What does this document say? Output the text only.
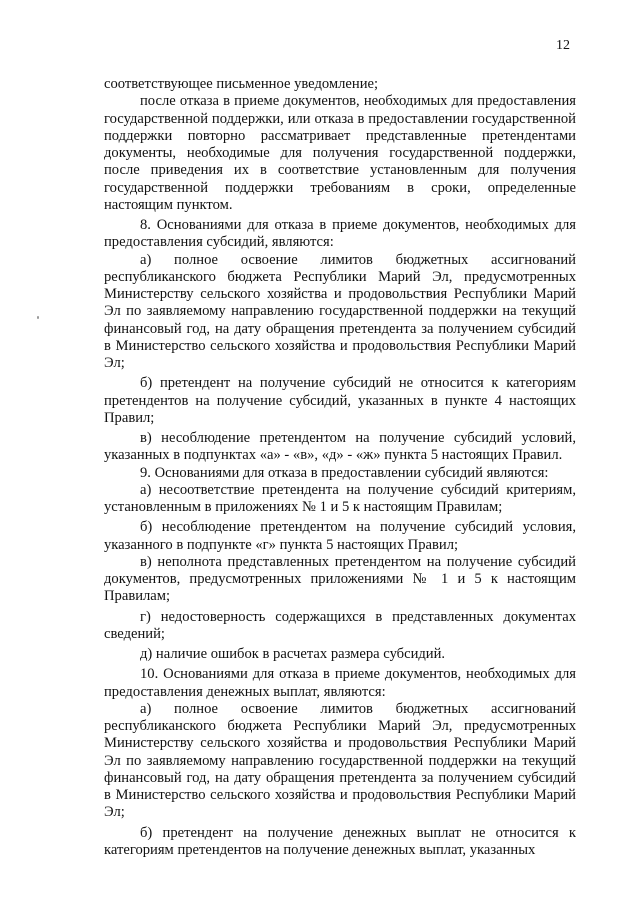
12

соответствующее письменное уведомление;

после отказа в приеме документов, необходимых для предоставления государственной поддержки, или отказа в предоставлении государственной поддержки повторно рассматривает представленные претендентами документы, необходимые для получения государственной поддержки, после приведения их в соответствие установленным для получения государственной поддержки требованиям в сроки, определенные настоящим пунктом.

8. Основаниями для отказа в приеме документов, необходимых для предоставления субсидий, являются:

а) полное освоение лимитов бюджетных ассигнований республиканского бюджета Республики Марий Эл, предусмотренных Министерству сельского хозяйства и продовольствия Республики Марий Эл по заявляемому направлению государственной поддержки на текущий финансовый год, на дату обращения претендента за получением субсидий в Министерство сельского хозяйства и продовольствия Республики Марий Эл;

б) претендент на получение субсидий не относится к категориям претендентов на получение субсидий, указанных в пункте 4 настоящих Правил;

в) несоблюдение претендентом на получение субсидий условий, указанных в подпунктах «а» - «в», «д» - «ж» пункта 5 настоящих Правил.

9. Основаниями для отказа в предоставлении субсидий являются:

а) несоответствие претендента на получение субсидий критериям, установленным в приложениях № 1 и 5 к настоящим Правилам;

б) несоблюдение претендентом на получение субсидий условия, указанного в подпункте «г» пункта 5 настоящих Правил;

в) неполнота представленных претендентом на получение субсидий документов, предусмотренных приложениями № 1 и 5 к настоящим Правилам;

г) недостоверность содержащихся в представленных документах сведений;

д) наличие ошибок в расчетах размера субсидий.

10. Основаниями для отказа в приеме документов, необходимых для предоставления денежных выплат, являются:

а) полное освоение лимитов бюджетных ассигнований республиканского бюджета Республики Марий Эл, предусмотренных Министерству сельского хозяйства и продовольствия Республики Марий Эл по заявляемому направлению государственной поддержки на текущий финансовый год, на дату обращения претендента за получением субсидий в Министерство сельского хозяйства и продовольствия Республики Марий Эл;

б) претендент на получение денежных выплат не относится к категориям претендентов на получение денежных выплат, указанных
